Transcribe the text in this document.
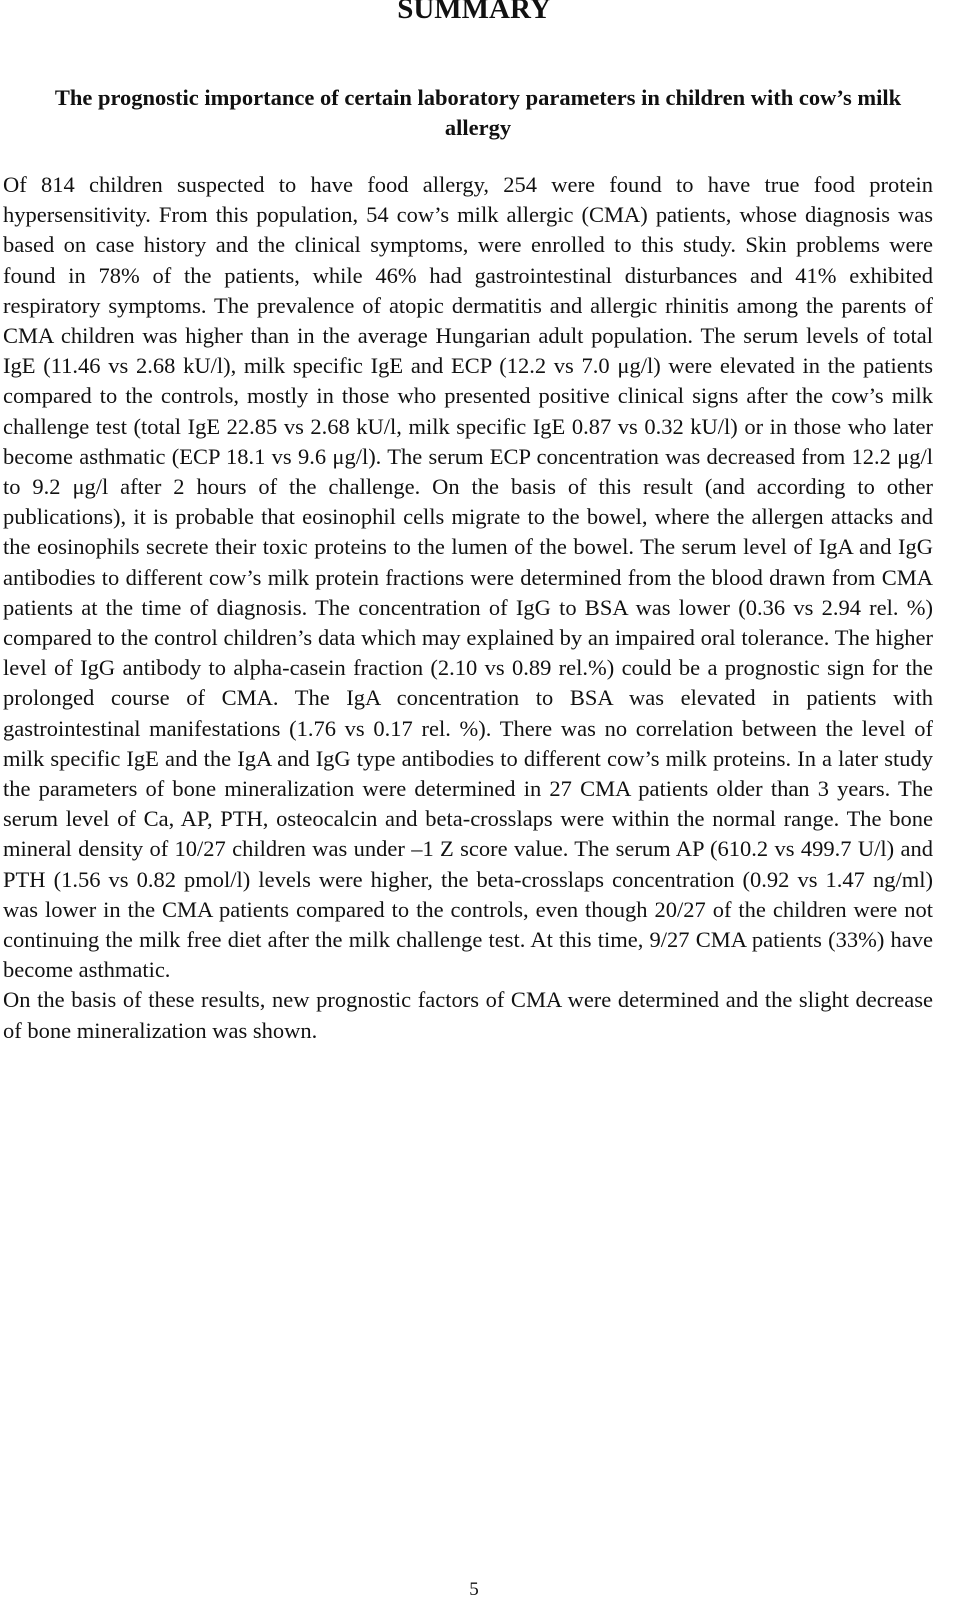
SUMMARY
The prognostic importance of certain laboratory parameters in children with cow’s milk allergy

Of 814 children suspected to have food allergy, 254 were found to have true food protein hypersensitivity. From this population, 54 cow’s milk allergic (CMA) patients, whose diagnosis was based on case history and the clinical symptoms, were enrolled to this study. Skin problems were found in 78% of the patients, while 46% had gastrointestinal disturbances and 41% exhibited respiratory symptoms. The prevalence of atopic dermatitis and allergic rhinitis among the parents of CMA children was higher than in the average Hungarian adult population. The serum levels of total IgE (11.46 vs 2.68 kU/l), milk specific IgE and ECP (12.2 vs 7.0 μg/l) were elevated in the patients compared to the controls, mostly in those who presented positive clinical signs after the cow’s milk challenge test (total IgE 22.85 vs 2.68 kU/l, milk specific IgE 0.87 vs 0.32 kU/l) or in those who later become asthmatic (ECP 18.1 vs 9.6 μg/l). The serum ECP concentration was decreased from 12.2 μg/l to 9.2 μg/l after 2 hours of the challenge. On the basis of this result (and according to other publications), it is probable that eosinophil cells migrate to the bowel, where the allergen attacks and the eosinophils secrete their toxic proteins to the lumen of the bowel. The serum level of IgA and IgG antibodies to different cow’s milk protein fractions were determined from the blood drawn from CMA patients at the time of diagnosis. The concentration of IgG to BSA was lower (0.36 vs 2.94 rel. %) compared to the control children’s data which may explained by an impaired oral tolerance. The higher level of IgG antibody to alpha-casein fraction (2.10 vs 0.89 rel.%) could be a prognostic sign for the prolonged course of CMA. The IgA concentration to BSA was elevated in patients with gastrointestinal manifestations (1.76 vs 0.17 rel. %). There was no correlation between the level of milk specific IgE and the IgA and IgG type antibodies to different cow’s milk proteins. In a later study the parameters of bone mineralization were determined in 27 CMA patients older than 3 years. The serum level of Ca, AP, PTH, osteocalcin and beta-crosslaps were within the normal range. The bone mineral density of 10/27 children was under –1 Z score value. The serum AP (610.2 vs 499.7 U/l) and PTH (1.56 vs 0.82 pmol/l) levels were higher, the beta-crosslaps concentration (0.92 vs 1.47 ng/ml) was lower in the CMA patients compared to the controls, even though 20/27 of the children were not continuing the milk free diet after the milk challenge test. At this time, 9/27 CMA patients (33%) have become asthmatic.

On the basis of these results, new prognostic factors of CMA were determined and the slight decrease of bone mineralization was shown.

5
